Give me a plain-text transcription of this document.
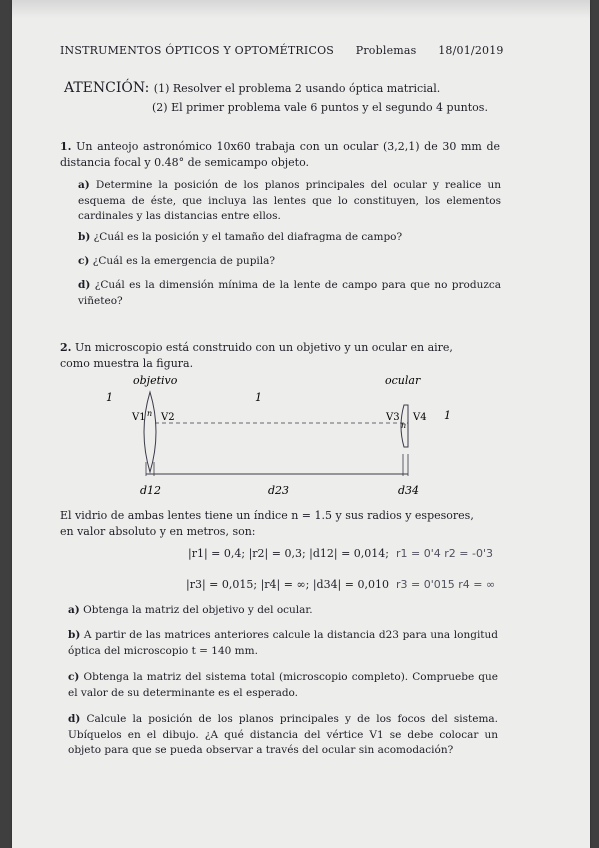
INSTRUMENTOS ÓPTICOS Y OPTOMÉTRICOS Problemas 18/01/2019
ATENCIÓN: (1) Resolver el problema 2 usando óptica matricial.
(2) El primer problema vale 6 puntos y el segundo 4 puntos.
1. Un anteojo astronómico 10x60 trabaja con un ocular (3,2,1) de 30 mm de distancia focal y 0.48° de semicampo objeto.
a) Determine la posición de los planos principales del ocular y realice un esquema de éste, que incluya las lentes que lo constituyen, los elementos cardinales y las distancias entre ellos.
b) ¿Cuál es la posición y el tamaño del diafragma de campo?
c) ¿Cuál es la emergencia de pupila?
d) ¿Cuál es la dimensión mínima de la lente de campo para que no produzca viñeteo?
2. Un microscopio está construido con un objetivo y un ocular en aire, como muestra la figura.
objetivo	ocular
1	1
1
V1 V2
n	V3 V4
n
d12	d23	d34
El vidrio de ambas lentes tiene un índice n = 1.5 y sus radios y espesores, en valor absoluto y en metros, son:
|r1| = 0,4; |r2| = 0,3; |d12| = 0,014;
|r3| = 0,015; |r4| = ∞; |d34| = 0,010
r1 = 0'4 r2 = -0'3
r3 = 0'015 r4 = ∞
a) Obtenga la matriz del objetivo y del ocular.
b) A partir de las matrices anteriores calcule la distancia d23 para una longitud óptica del microscopio t = 140 mm.
c) Obtenga la matriz del sistema total (microscopio completo). Compruebe que el valor de su determinante es el esperado.
d) Calcule la posición de los planos principales y de los focos del sistema. Ubíquelos en el dibujo. ¿A qué distancia del vértice V1 se debe colocar un objeto para que se pueda observar a través del ocular sin acomodación?
